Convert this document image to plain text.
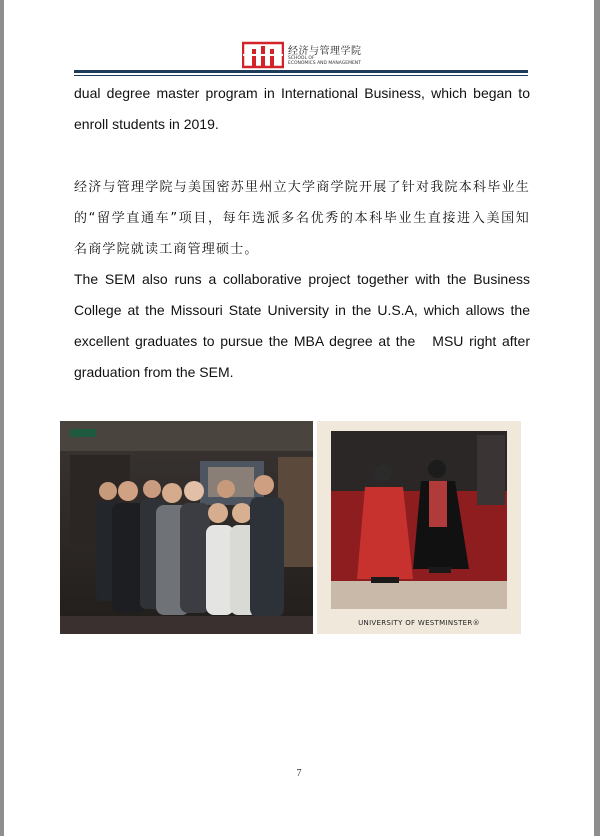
经济与管理学院
SCHOOL OF
ECONOMICS AND MANAGEMENT
dual degree master program in International Business, which began to
enroll students in 2019.
经济与管理学院与美国密苏里州立大学商学院开展了针对我院本科毕业生
的“留学直通车”项目，每年选派多名优秀的本科毕业生直接进入美国知
名商学院就读工商管理硕士。
The SEM also runs a collaborative project together with the Business
College at the Missouri State University in the U.S.A, which allows the
excellent graduates to pursue the MBA degree at the   MSU right after
graduation from the SEM.
UNIVERSITY OF WESTMINSTER®
7
